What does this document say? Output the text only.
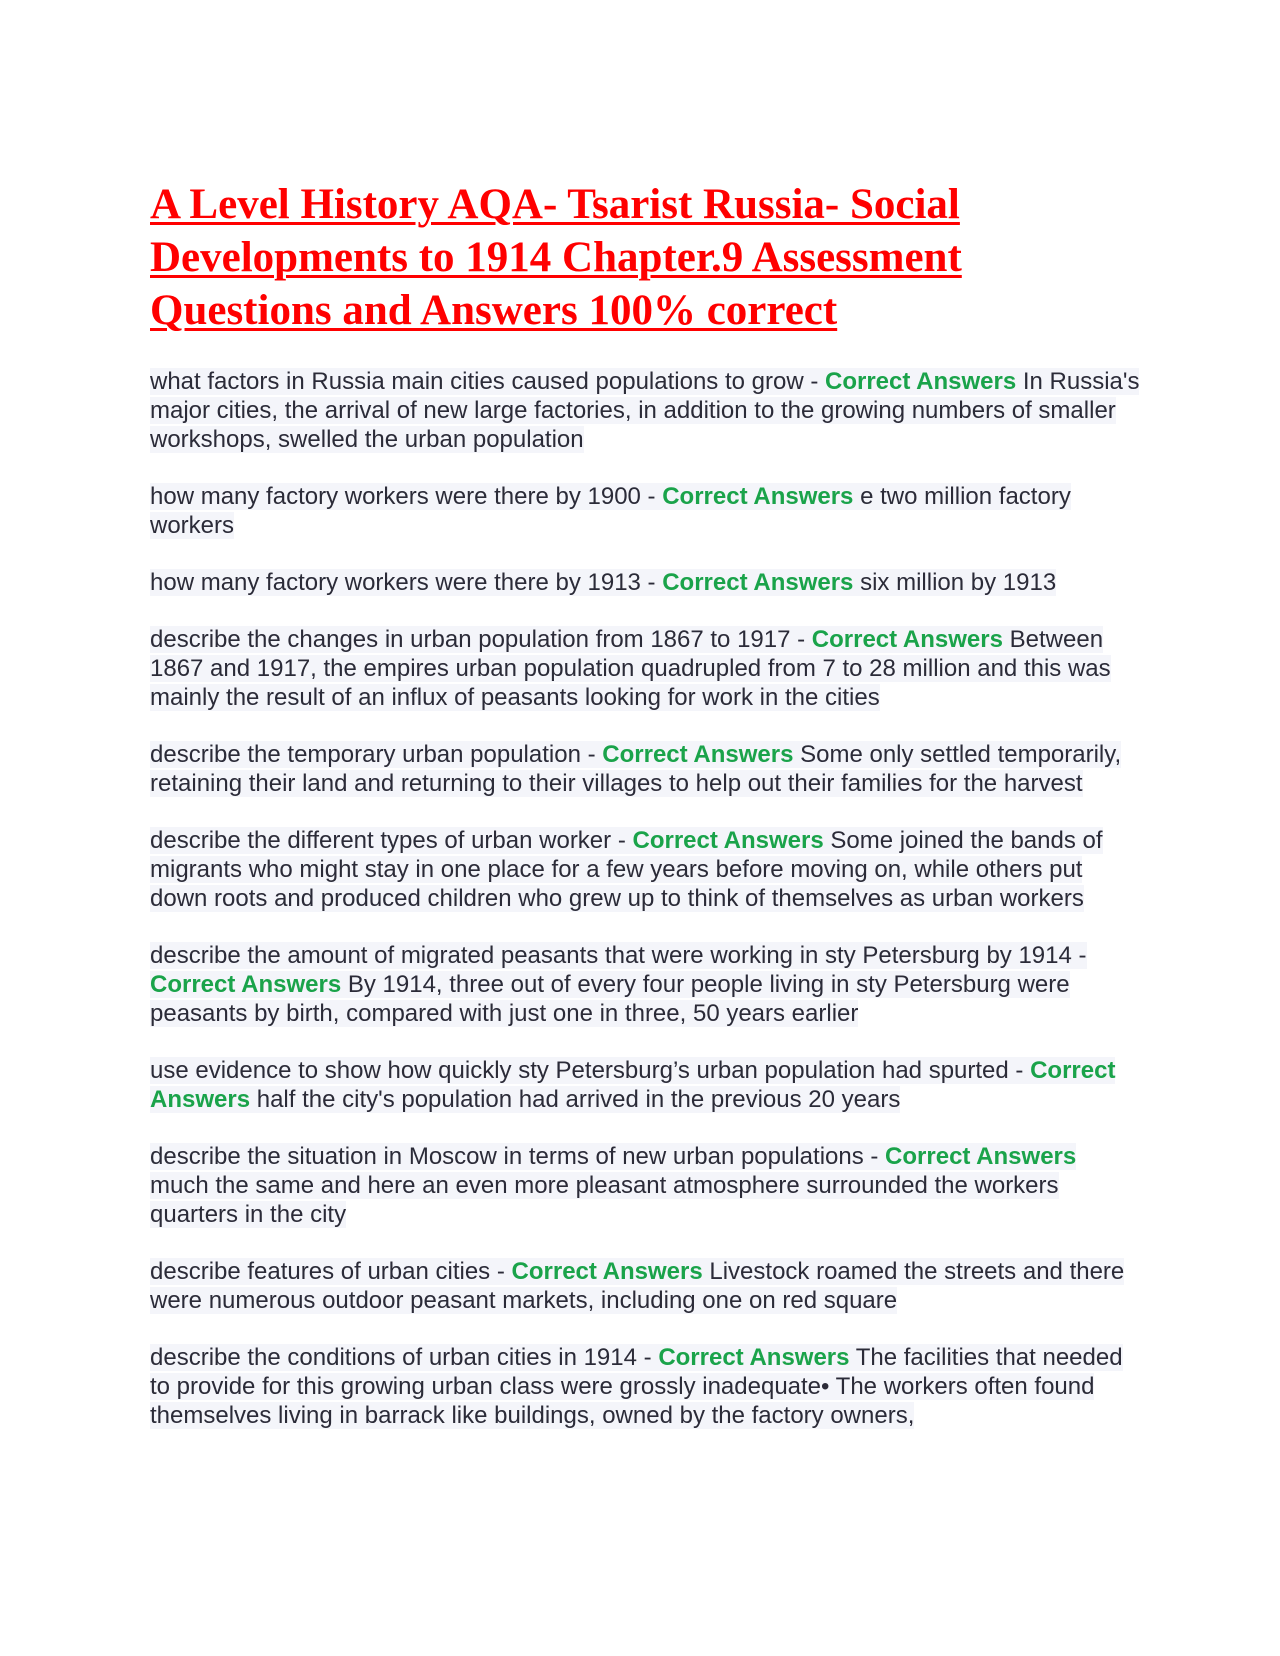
A Level History AQA- Tsarist Russia- Social Developments to 1914 Chapter.9 Assessment Questions and Answers 100% correct

what factors in Russia main cities caused populations to grow - Correct Answers In Russia's major cities, the arrival of new large factories, in addition to the growing numbers of smaller workshops, swelled the urban population

how many factory workers were there by 1900 - Correct Answers e two million factory workers

how many factory workers were there by 1913 - Correct Answers six million by 1913

describe the changes in urban population from 1867 to 1917 - Correct Answers Between 1867 and 1917, the empires urban population quadrupled from 7 to 28 million and this was mainly the result of an influx of peasants looking for work in the cities

describe the temporary urban population - Correct Answers Some only settled temporarily, retaining their land and returning to their villages to help out their families for the harvest

describe the different types of urban worker - Correct Answers Some joined the bands of migrants who might stay in one place for a few years before moving on, while others put down roots and produced children who grew up to think of themselves as urban workers

describe the amount of migrated peasants that were working in sty Petersburg by 1914 - Correct Answers By 1914, three out of every four people living in sty Petersburg were peasants by birth, compared with just one in three, 50 years earlier

use evidence to show how quickly sty Petersburg’s urban population had spurted - Correct Answers half the city's population had arrived in the previous 20 years

describe the situation in Moscow in terms of new urban populations - Correct Answers much the same and here an even more pleasant atmosphere surrounded the workers quarters in the city

describe features of urban cities - Correct Answers Livestock roamed the streets and there were numerous outdoor peasant markets, including one on red square

describe the conditions of urban cities in 1914 - Correct Answers The facilities that needed to provide for this growing urban class were grossly inadequate• The workers often found themselves living in barrack like buildings, owned by the factory owners,
